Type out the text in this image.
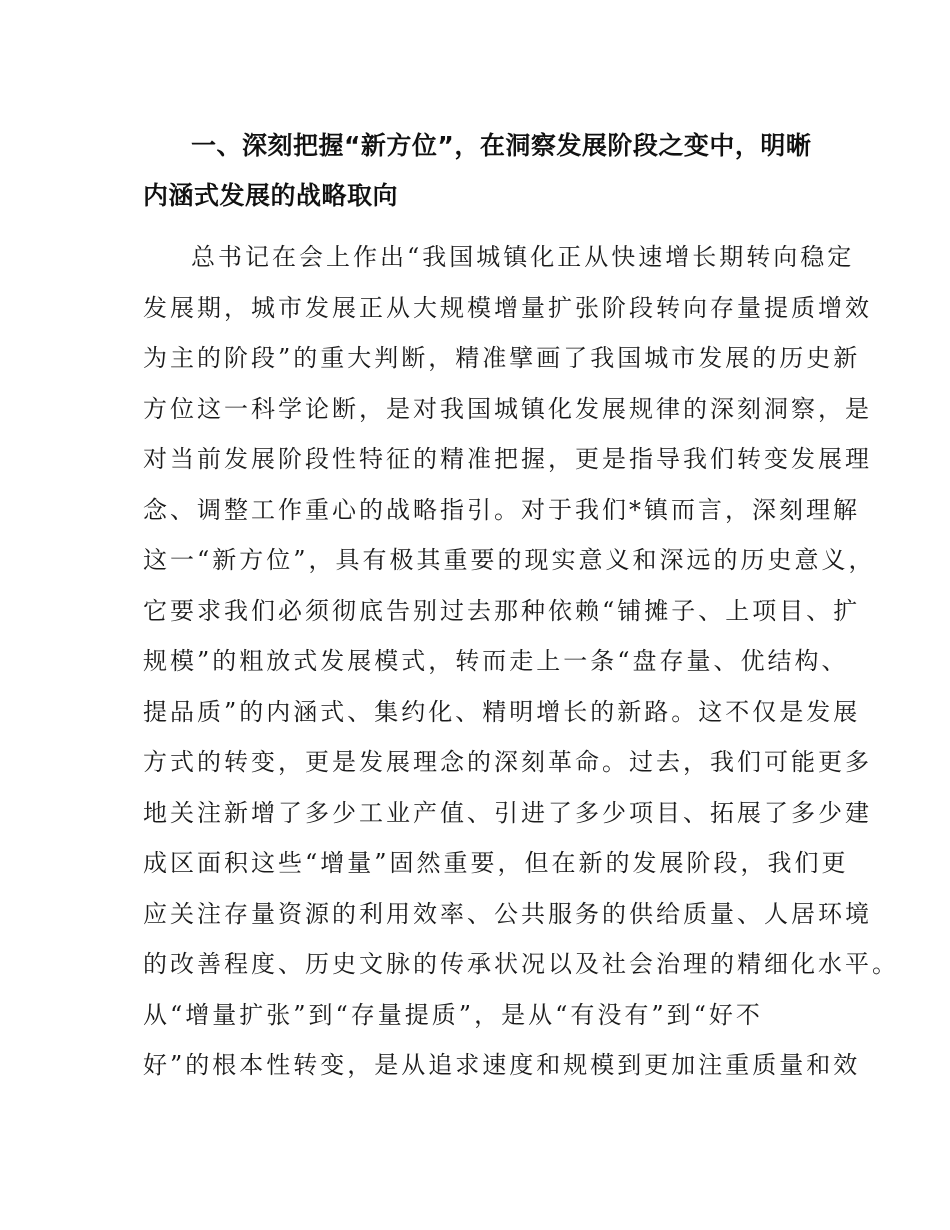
一、深刻把握“新方位”，在洞察发展阶段之变中，明晰内涵式发展的战略取向
总书记在会上作出“我国城镇化正从快速增长期转向稳定
发展期，城市发展正从大规模增量扩张阶段转向存量提质增效
为主的阶段”的重大判断，精准擘画了我国城市发展的历史新
方位这一科学论断，是对我国城镇化发展规律的深刻洞察，是
对当前发展阶段性特征的精准把握，更是指导我们转变发展理
念、调整工作重心的战略指引。对于我们*镇而言，深刻理解
这一“新方位”，具有极其重要的现实意义和深远的历史意义，
它要求我们必须彻底告别过去那种依赖“铺摊子、上项目、扩
规模”的粗放式发展模式，转而走上一条“盘存量、优结构、
提品质”的内涵式、集约化、精明增长的新路。这不仅是发展
方式的转变，更是发展理念的深刻革命。过去，我们可能更多
地关注新增了多少工业产值、引进了多少项目、拓展了多少建
成区面积这些“增量”固然重要，但在新的发展阶段，我们更
应关注存量资源的利用效率、公共服务的供给质量、人居环境
的改善程度、历史文脉的传承状况以及社会治理的精细化水平。
从“增量扩张”到“存量提质”，是从“有没有”到“好不
好”的根本性转变，是从追求速度和规模到更加注重质量和效
